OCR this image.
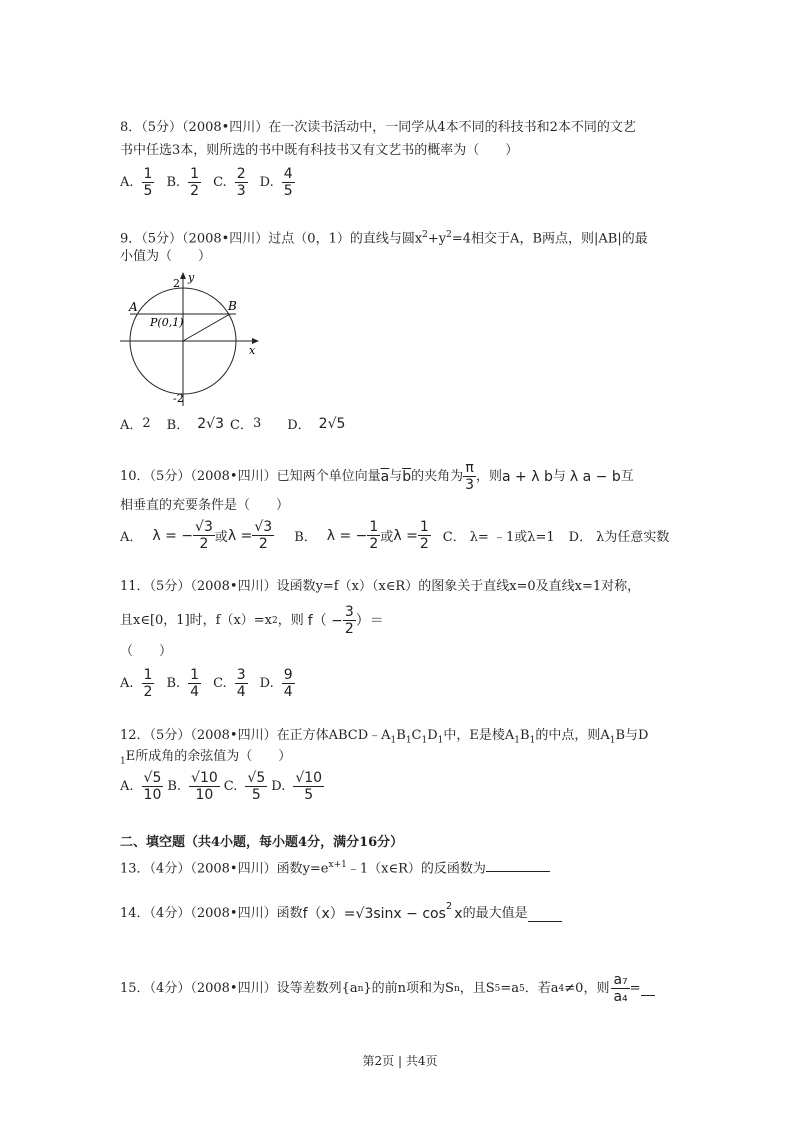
8．（5分）（2008•四川）在一次读书活动中，一同学从4本不同的科技书和2本不同的文艺
书中任选3本，则所选的书中既有科技书又有文艺书的概率为（　　）
A. $\frac{1}{5} B$. $\frac{1}{2} C$. $\frac{2}{3} D$. $\frac{4}{5}$
9．（5分）（2008•四川）过点（0，1）的直线与圆$x^2+y^2=4$相交于A，B两点，则|AB|的最
小值为（　　）
A	B
P(0,1)
x
y
2
-2
A． 2 B． 2√3 C． 3 D． 2√5
10．（5分）（2008•四川）已知两个单位向量 $\overline{a}$ 与 $\overline{b}$ 的夹角为 $\frac{\pi}{3}$ ，则 a + λ b 与 λ a − b 互
相垂直的充要条件是（　　）
A． λ = − $\frac{√3}{2}$ 或 $\lambda = \frac{√3}{2}$ B． λ = − $\frac{1}{2}$ 或 $\lambda = \frac{1}{2}$ C． λ= ﹣1或λ=1 D． λ为任意实数
11．（5分）（2008•四川）设函数y=f（x）（x∈R）的图象关于直线x=0及直线x=1对称，
且x∈[0，1]时，f（x）=x 2 ，则 $f( - \frac{3}{2}$ ）＝
（　　）
A. $\frac{1}{2} B$. $\frac{1}{4} C$. $\frac{3}{4} D$. $\frac{9}{4}$
12．（5分）（2008•四川）在正方体$ABCD﹣A_1B_1C_1D_1$中，E是棱$A_1B_1$的中点，则$A_1B$与D
$_1$E所成角的余弦值为（　　）
A. $\frac{√5}{10} B$. $\frac{√10}{10} C$. $\frac{√5}{5} D$. $\frac{√10}{5}$
二、填空题（共4小题，每小题4分，满分16分）
13．（4分）（2008•四川）函数$y=e^{x+1}﹣1(x\in R)$的反函数为
14．（4分）（2008•四川）函数 f（x）=√3sinx − cos 2 x 的最大值是
15．（4分）（2008•四川）设等差数列{a n }的前n项和为S n ，且S 5 =a 5 ．若a 4 ≠0，则 $\frac{\text{a₇}}{\text{a₄}}$ =
第2页 | 共4页
